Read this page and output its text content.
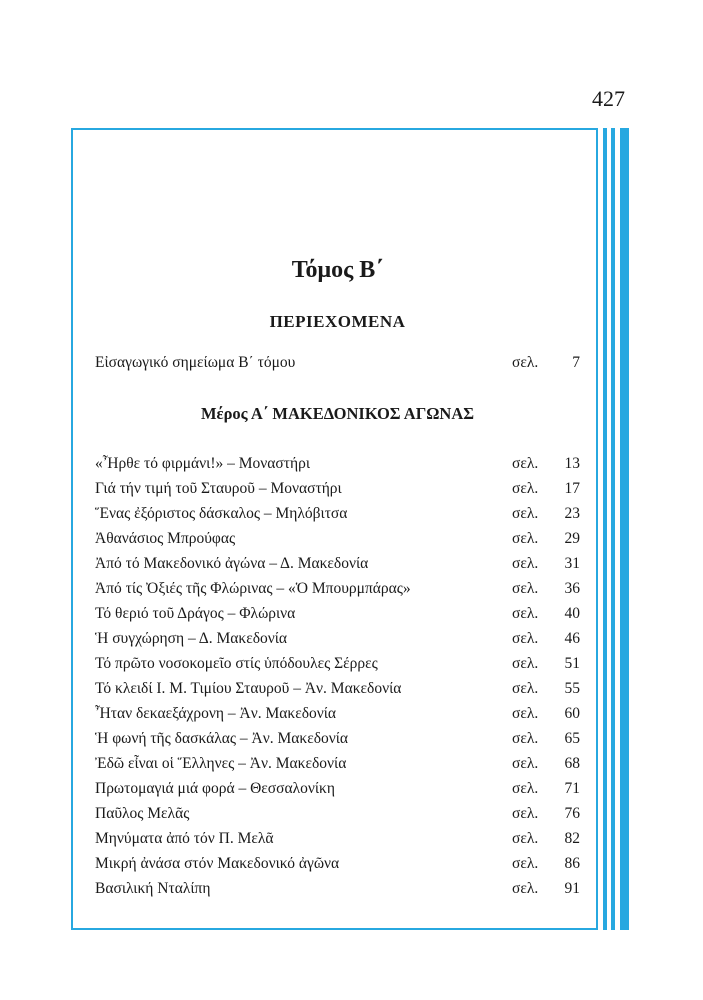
427
Τόμος Β΄
ΠΕΡΙΕΧΟΜΕΝΑ
Εἰσαγωγικό σημείωμα Β΄ τόμου	σελ.	7
Μέρος Α΄ ΜΑΚΕΔΟΝΙΚΟΣ ΑΓΩΝΑΣ
«Ἦρθε τό φιρμάνι!» – Μοναστήρι	σελ.	13
Γιά τήν τιμή τοῦ Σταυροῦ – Μοναστήρι	σελ.	17
Ἕνας ἐξόριστος δάσκαλος – Μηλόβιτσα	σελ.	23
Ἀθανάσιος Μπρούφας	σελ.	29
Ἀπό τό Μακεδονικό ἀγώνα – Δ. Μακεδονία	σελ.	31
Ἀπό τίς Ὀξιές τῆς Φλώρινας – «Ὁ Μπουρμπάρας»	σελ.	36
Τό θεριό τοῦ Δράγος – Φλώρινα	σελ.	40
Ἡ συγχώρηση – Δ. Μακεδονία	σελ.	46
Τό πρῶτο νοσοκομεῖο στίς ὑπόδουλες Σέρρες	σελ.	51
Τό κλειδί Ι. Μ. Τιμίου Σταυροῦ – Ἀν. Μακεδονία	σελ.	55
Ἦταν δεκαεξάχρονη – Ἀν. Μακεδονία	σελ.	60
Ἡ φωνή τῆς δασκάλας – Ἀν. Μακεδονία	σελ.	65
Ἐδῶ εἶναι οἱ Ἕλληνες – Ἀν. Μακεδονία	σελ.	68
Πρωτομαγιά μιά φορά – Θεσσαλονίκη	σελ.	71
Παῦλος Μελᾶς	σελ.	76
Μηνύματα ἀπό τόν Π. Μελᾶ	σελ.	82
Μικρή ἀνάσα στόν Μακεδονικό ἀγῶνα	σελ.	86
Βασιλική Νταλίπη	σελ.	91
